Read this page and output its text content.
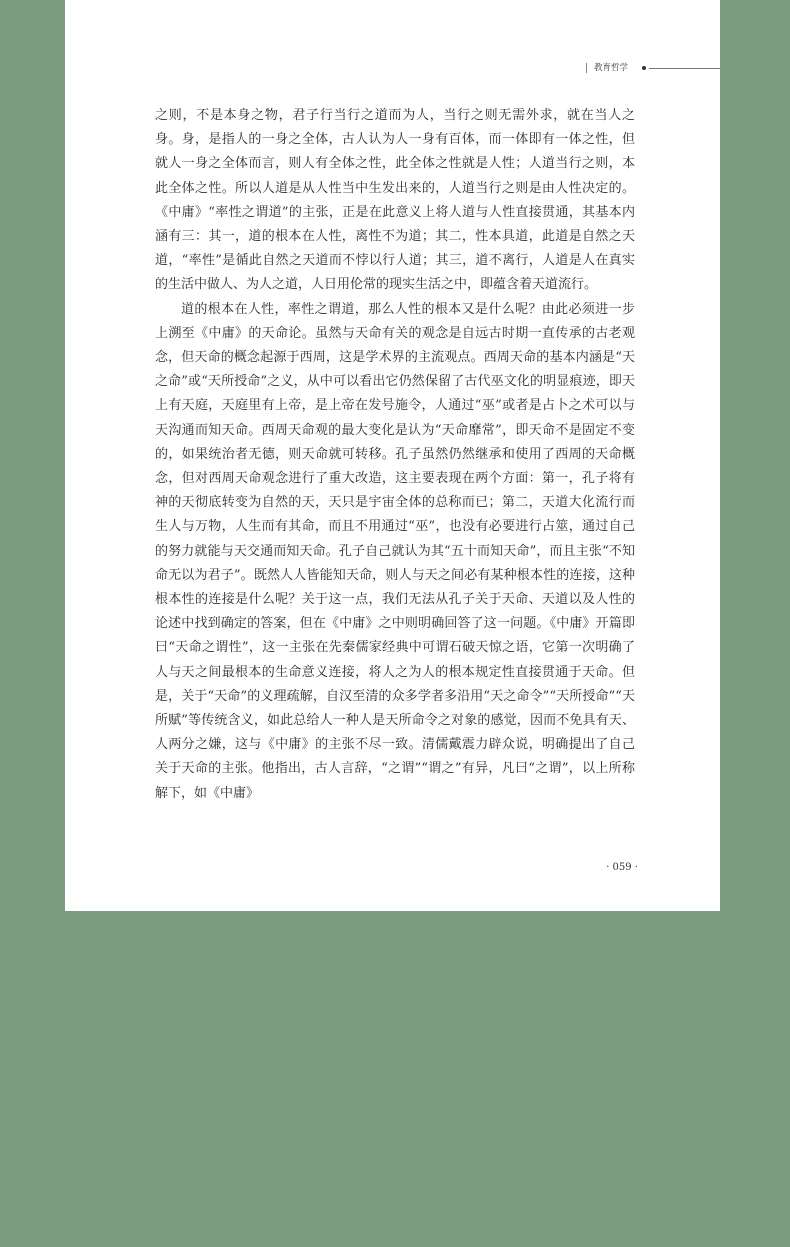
教育哲学

之则，不是本身之物，君子行当行之道而为人，当行之则无需外求，就在当人之身。身，是指人的一身之全体，古人认为人一身有百体，而一体即有一体之性，但就人一身之全体而言，则人有全体之性，此全体之性就是人性；人道当行之则，本此全体之性。所以人道是从人性当中生发出来的，人道当行之则是由人性决定的。《中庸》“率性之谓道”的主张，正是在此意义上将人道与人性直接贯通，其基本内涵有三：其一，道的根本在人性，离性不为道；其二，性本具道，此道是自然之天道，“率性”是循此自然之天道而不悖以行人道；其三，道不离行，人道是人在真实的生活中做人、为人之道，人日用伦常的现实生活之中，即蕴含着天道流行。

道的根本在人性，率性之谓道，那么人性的根本又是什么呢？由此必须进一步上溯至《中庸》的天命论。虽然与天命有关的观念是自远古时期一直传承的古老观念，但天命的概念起源于西周，这是学术界的主流观点。西周天命的基本内涵是“天之命”或“天所授命”之义，从中可以看出它仍然保留了古代巫文化的明显痕迹，即天上有天庭，天庭里有上帝，是上帝在发号施令，人通过“巫”或者是占卜之术可以与天沟通而知天命。西周天命观的最大变化是认为“天命靡常”，即天命不是固定不变的，如果统治者无德，则天命就可转移。孔子虽然仍然继承和使用了西周的天命概念，但对西周天命观念进行了重大改造，这主要表现在两个方面：第一，孔子将有神的天彻底转变为自然的天，天只是宇宙全体的总称而已；第二，天道大化流行而生人与万物，人生而有其命，而且不用通过“巫”，也没有必要进行占筮，通过自己的努力就能与天交通而知天命。孔子自己就认为其“五十而知天命”，而且主张“不知命无以为君子”。既然人人皆能知天命，则人与天之间必有某种根本性的连接，这种根本性的连接是什么呢？关于这一点，我们无法从孔子关于天命、天道以及人性的论述中找到确定的答案，但在《中庸》之中则明确回答了这一问题。《中庸》开篇即曰“天命之谓性”，这一主张在先秦儒家经典中可谓石破天惊之语，它第一次明确了人与天之间最根本的生命意义连接，将人之为人的根本规定性直接贯通于天命。但是，关于“天命”的义理疏解，自汉至清的众多学者多沿用“天之命令”“天所授命”“天所赋”等传统含义，如此总给人一种人是天所命令之对象的感觉，因而不免具有天、人两分之嫌，这与《中庸》的主张不尽一致。清儒戴震力辟众说，明确提出了自己关于天命的主张。他指出，古人言辞，“之谓”“谓之”有异，凡曰“之谓”，以上所称解下，如《中庸》

· 059 ·
